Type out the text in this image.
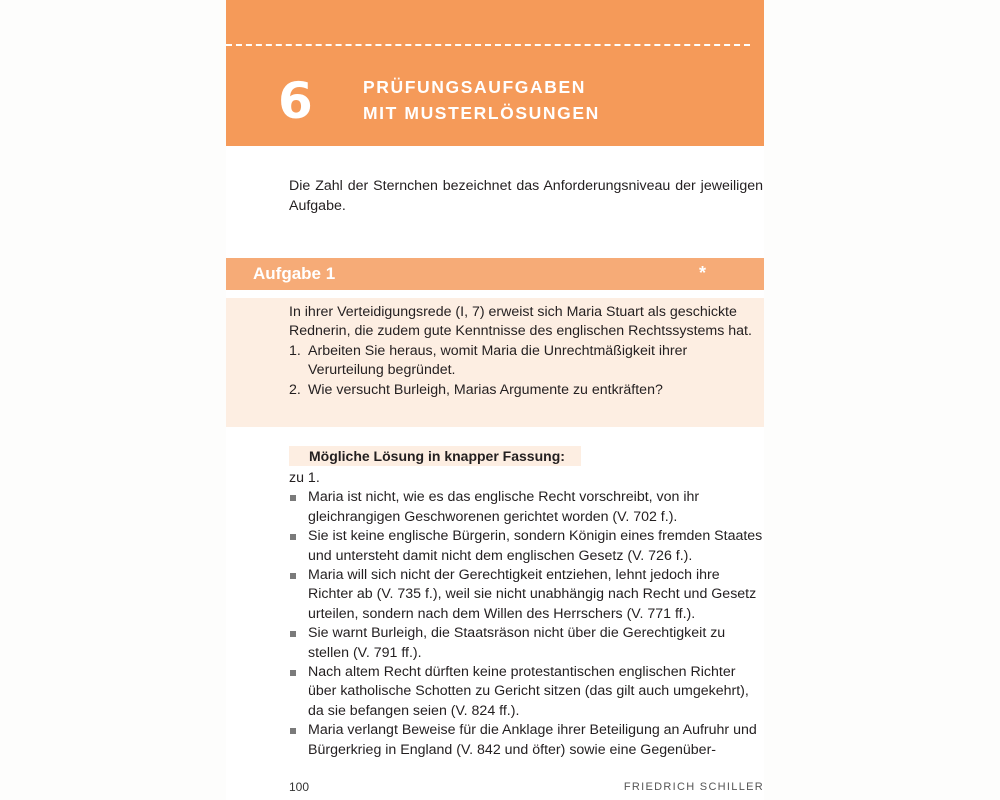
6	PRÜFUNGSAUFGABEN
MIT MUSTERLÖSUNGEN
Die Zahl der Sternchen bezeichnet das Anforderungsniveau der jeweiligen Aufgabe.
Aufgabe 1	*

In ihrer Verteidigungsrede (I, 7) erweist sich Maria Stuart als geschickte Rednerin, die zudem gute Kenntnisse des englischen Rechtssystems hat.

1. Arbeiten Sie heraus, womit Maria die Unrechtmäßigkeit ihrer Verurteilung begründet.
2. Wie versucht Burleigh, Marias Argumente zu entkräften?
Mögliche Lösung in knapper Fassung:

zu 1.

Maria ist nicht, wie es das englische Recht vorschreibt, von ihr gleichrangigen Geschworenen gerichtet worden (V. 702 f.).
Sie ist keine englische Bürgerin, sondern Königin eines fremden Staates und untersteht damit nicht dem englischen Gesetz (V. 726 f.).
Maria will sich nicht der Gerechtigkeit entziehen, lehnt jedoch ihre Richter ab (V. 735 f.), weil sie nicht unabhängig nach Recht und Gesetz urteilen, sondern nach dem Willen des Herrschers (V. 771 ff.).
Sie warnt Burleigh, die Staatsräson nicht über die Gerechtigkeit zu stellen (V. 791 ff.).
Nach altem Recht dürften keine protestantischen englischen Richter über katholische Schotten zu Gericht sitzen (das gilt auch umgekehrt), da sie befangen seien (V. 824 ff.).
Maria verlangt Beweise für die Anklage ihrer Beteiligung an Aufruhr und Bürgerkrieg in England (V. 842 und öfter) sowie eine Gegenüber-
100	FRIEDRICH SCHILLER
